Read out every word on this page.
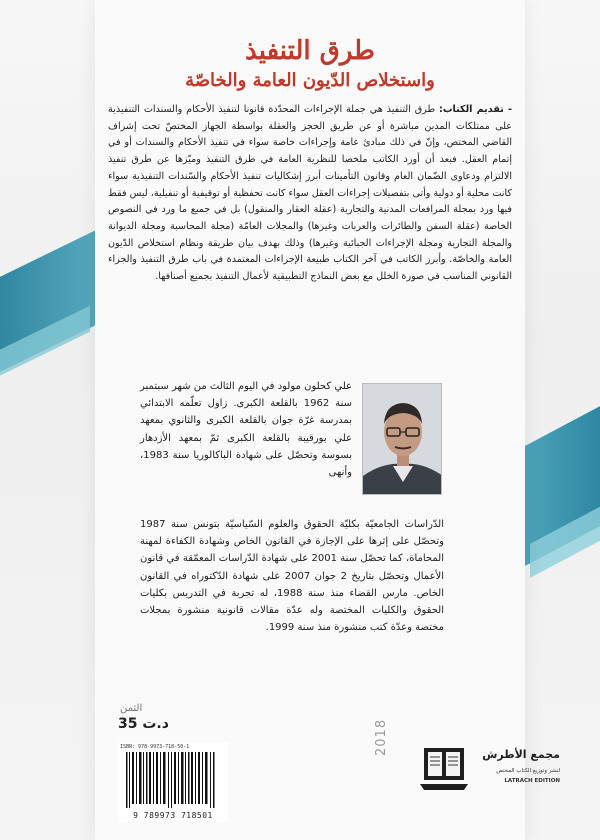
طرق التنفيذ
واستخلاص الدّيون العامة والخاصّة
- تقديم الكتاب: طرق التنفيذ هي جملة الإجراءات المحدّدة قانونا لتنفيذ الأحكام والسندات التنفيذية على ممتلكات المدين مباشرة أو عن طريق الحجز والعقلة بواسطة الجهاز المختصّ تحت إشراف القاضي المختص، وإنّ في ذلك مبادئ عامة وإجراءات خاصة سواء في تنفيذ الأحكام والسندات أو في إتمام العقل. فبعد أن أورد الكاتب ملخصا للنظرية العامة في طرق التنفيذ وميّزها عن طرق تنفيذ الالتزام ودعاوى الضّمان العام وقانون التأمينات أبرز إشكاليات تنفيذ الأحكام والسّندات التنفيذية سواء كانت محلية أو دولية وأتى بتفصيلات إجراءات العقل سواء كانت تحفظية أو توقيفية أو تنفيلية، ليس فقط فيها ورد بمجلة المرافعات المدنية والتجارية (عقلة العقار والمنقول) بل في جميع ما ورد في النصوص الخاصة (عقلة السفن والطائرات والعربات وغيرها) والمجلات العامّة (مجلة المحاسبة ومجلة الديوانة والمجلة التجارية ومجلة الإجراءات الجبائية وغيرها) وذلك بهدف بيان طريقة ونظام استخلاص الدّيون العامة والخاصّة. وأبرز الكاتب في آخر الكتاب طبيعة الإجراءات المعتمدة في باب طرق التنفيذ والجزاء القانوني المناسب في صورة الخلل مع بعض النماذج التطبيقية لأعمال التنفيذ بجميع أصنافها.
علي كحلون مولود في اليوم الثالث من شهر سبتمبر سنة 1962 بالقلعة الكبرى. زاول تعلّمه الابتدائي بمدرسة غرّة جوان بالقلعة الكبرى والثانوي بمعهد علي بورقيبة بالقلعة الكبرى ثمّ بمعهد الأزدهار بسوسة وتحصّل على شهادة الباكالوريا سنة 1983، وأنهى
الدّراسات الجامعيّة بكليّة الحقوق والعلوم السّياسيّة بتونس سنة 1987 وتحصّل على إثرها على الإجازة في القانون الخاص وشهادة الكفاءة لمهنة المحاماة، كما تحصّل سنة 2001 على شهادة الدّراسات المعمّقة في قانون الأعمال وتحصّل بتاريخ 2 جوان 2007 على شهادة الدّكتوراه في القانون الخاص. مارس القضاء منذ سنة 1988، له تجربة في التدريس بكليات الحقوق والكليات المختصة وله عدّة مقالات قانونية منشورة بمجلات مختصة وعدّة كتب منشورة منذ سنة 1999.
الثمن
35 د.ت
ISBN: 978-9973-718-50-1
9 789973 718501
2018	مجمع الأطرش
لنشر وتوزيع الكتاب المختص
LATRACH EDITION
